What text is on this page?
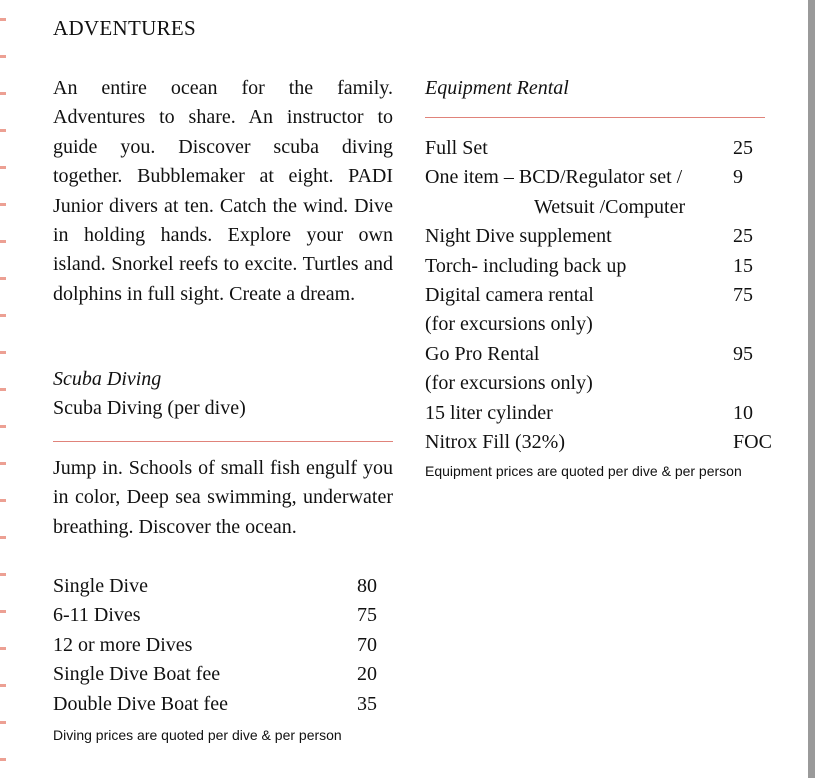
ADVENTURES
An entire ocean for the family. Adventures to share. An instructor to guide you. Discover scuba diving together. Bubblemaker at eight. PADI Junior divers at ten. Catch the wind. Dive in holding hands. Explore your own island. Snorkel reefs to excite. Turtles and dolphins in full sight. Create a dream.
Scuba Diving
Scuba Diving (per dive)
Jump in. Schools of small fish engulf you in color, Deep sea swimming, underwater breathing. Discover the ocean.
Single Dive	80
6-11 Dives	75
12 or more Dives	70
Single Dive Boat fee	20
Double Dive Boat fee	35
Diving prices are quoted per dive & per person
Equipment Rental
Full Set	25
One item – BCD/Regulator set /	9
Wetsuit /Computer
Night Dive supplement	25
Torch- including back up	15
Digital camera rental	75
(for excursions only)
Go Pro Rental	95
(for excursions only)
15 liter cylinder	10
Nitrox Fill (32%)	FOC
Equipment prices are quoted per dive & per person
